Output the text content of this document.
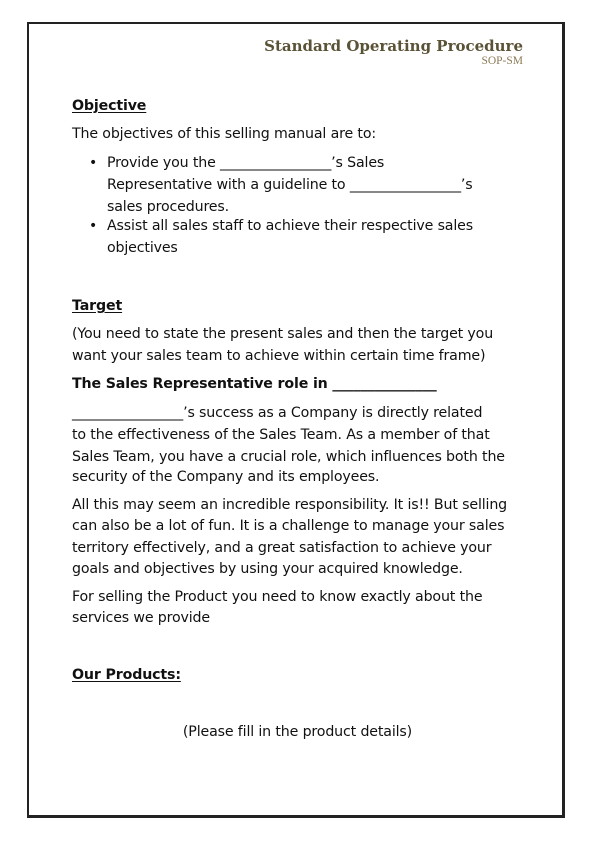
Standard Operating Procedure
SOP-SM
Objective
The objectives of this selling manual are to:
• Provide you the ________________’s Sales
Representative with a guideline to ________________’s
sales procedures.
• Assist all sales staff to achieve their respective sales
objectives
Target
(You need to state the present sales and then the target you
want your sales team to achieve within certain time frame)
The Sales Representative role in _______________
________________’s success as a Company is directly related
to the effectiveness of the Sales Team. As a member of that
Sales Team, you have a crucial role, which influences both the
security of the Company and its employees.
All this may seem an incredible responsibility. It is!! But selling
can also be a lot of fun. It is a challenge to manage your sales
territory effectively, and a great satisfaction to achieve your
goals and objectives by using your acquired knowledge.
For selling the Product you need to know exactly about the
services we provide
Our Products:
(Please fill in the product details)
